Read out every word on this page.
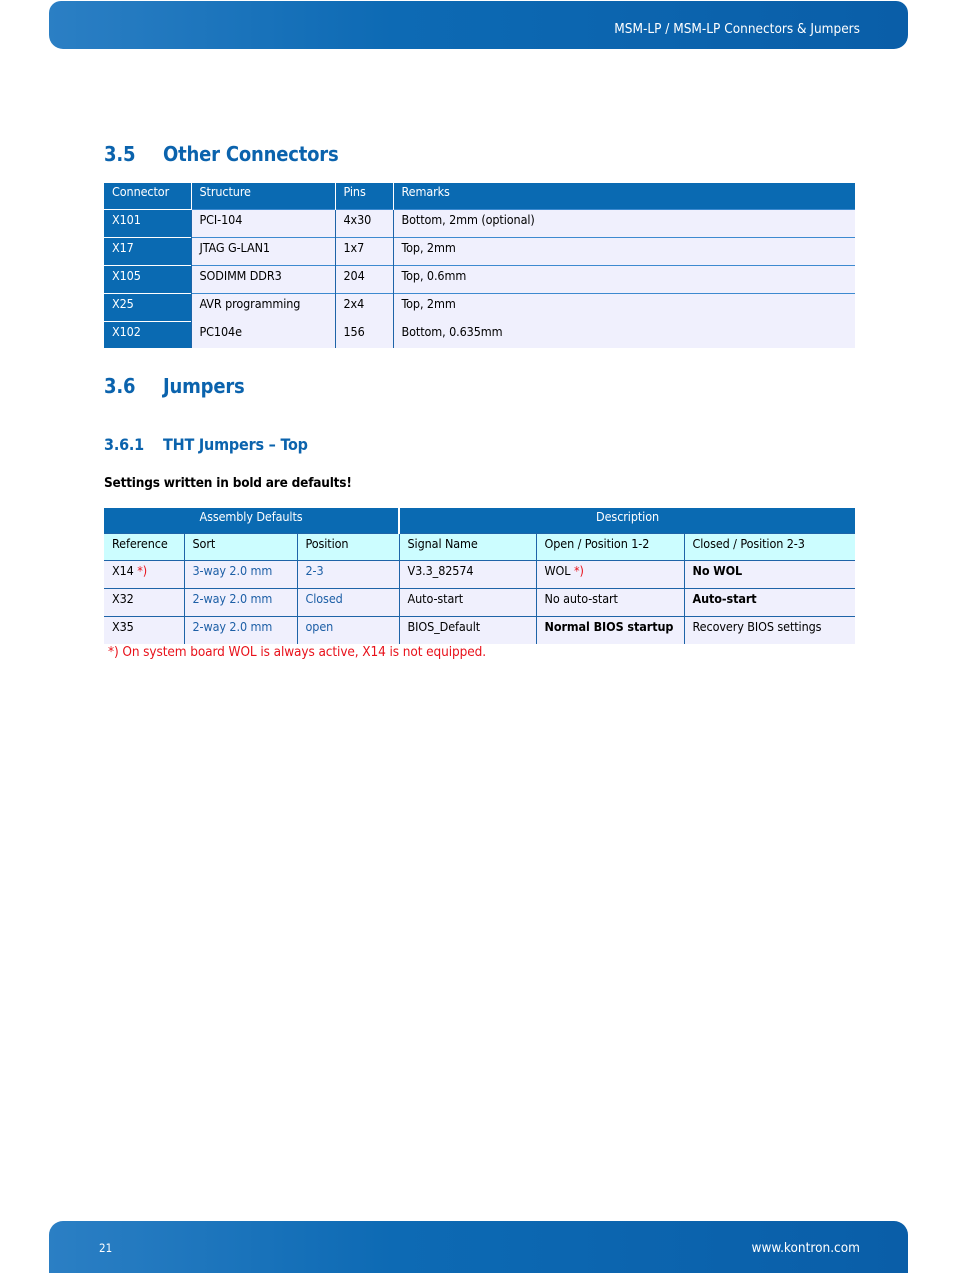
MSM-LP / MSM-LP Connectors & Jumpers
3.5 Other Connectors
Connector	Structure	Pins	Remarks
X101	PCI-104	4x30	Bottom, 2mm (optional)
X17	JTAG G-LAN1	1x7	Top, 2mm
X105	SODIMM DDR3	204	Top, 0.6mm
X25	AVR programming	2x4	Top, 2mm
X102	PC104e	156	Bottom, 0.635mm
3.6 Jumpers
3.6.1 THT Jumpers – Top
Settings written in bold are defaults!
Assembly Defaults			Description		
Reference	Sort	Position	Signal Name	Open / Position 1-2	Closed / Position 2-3
X14 *)	3-way 2.0 mm	2-3	V3.3_82574	WOL *)	No WOL
X32	2-way 2.0 mm	Closed	Auto-start	No auto-start	Auto-start
X35	2-way 2.0 mm	open	BIOS_Default	Normal BIOS startup	Recovery BIOS settings
*) On system board WOL is always active, X14 is not equipped.
21	www.kontron.com
